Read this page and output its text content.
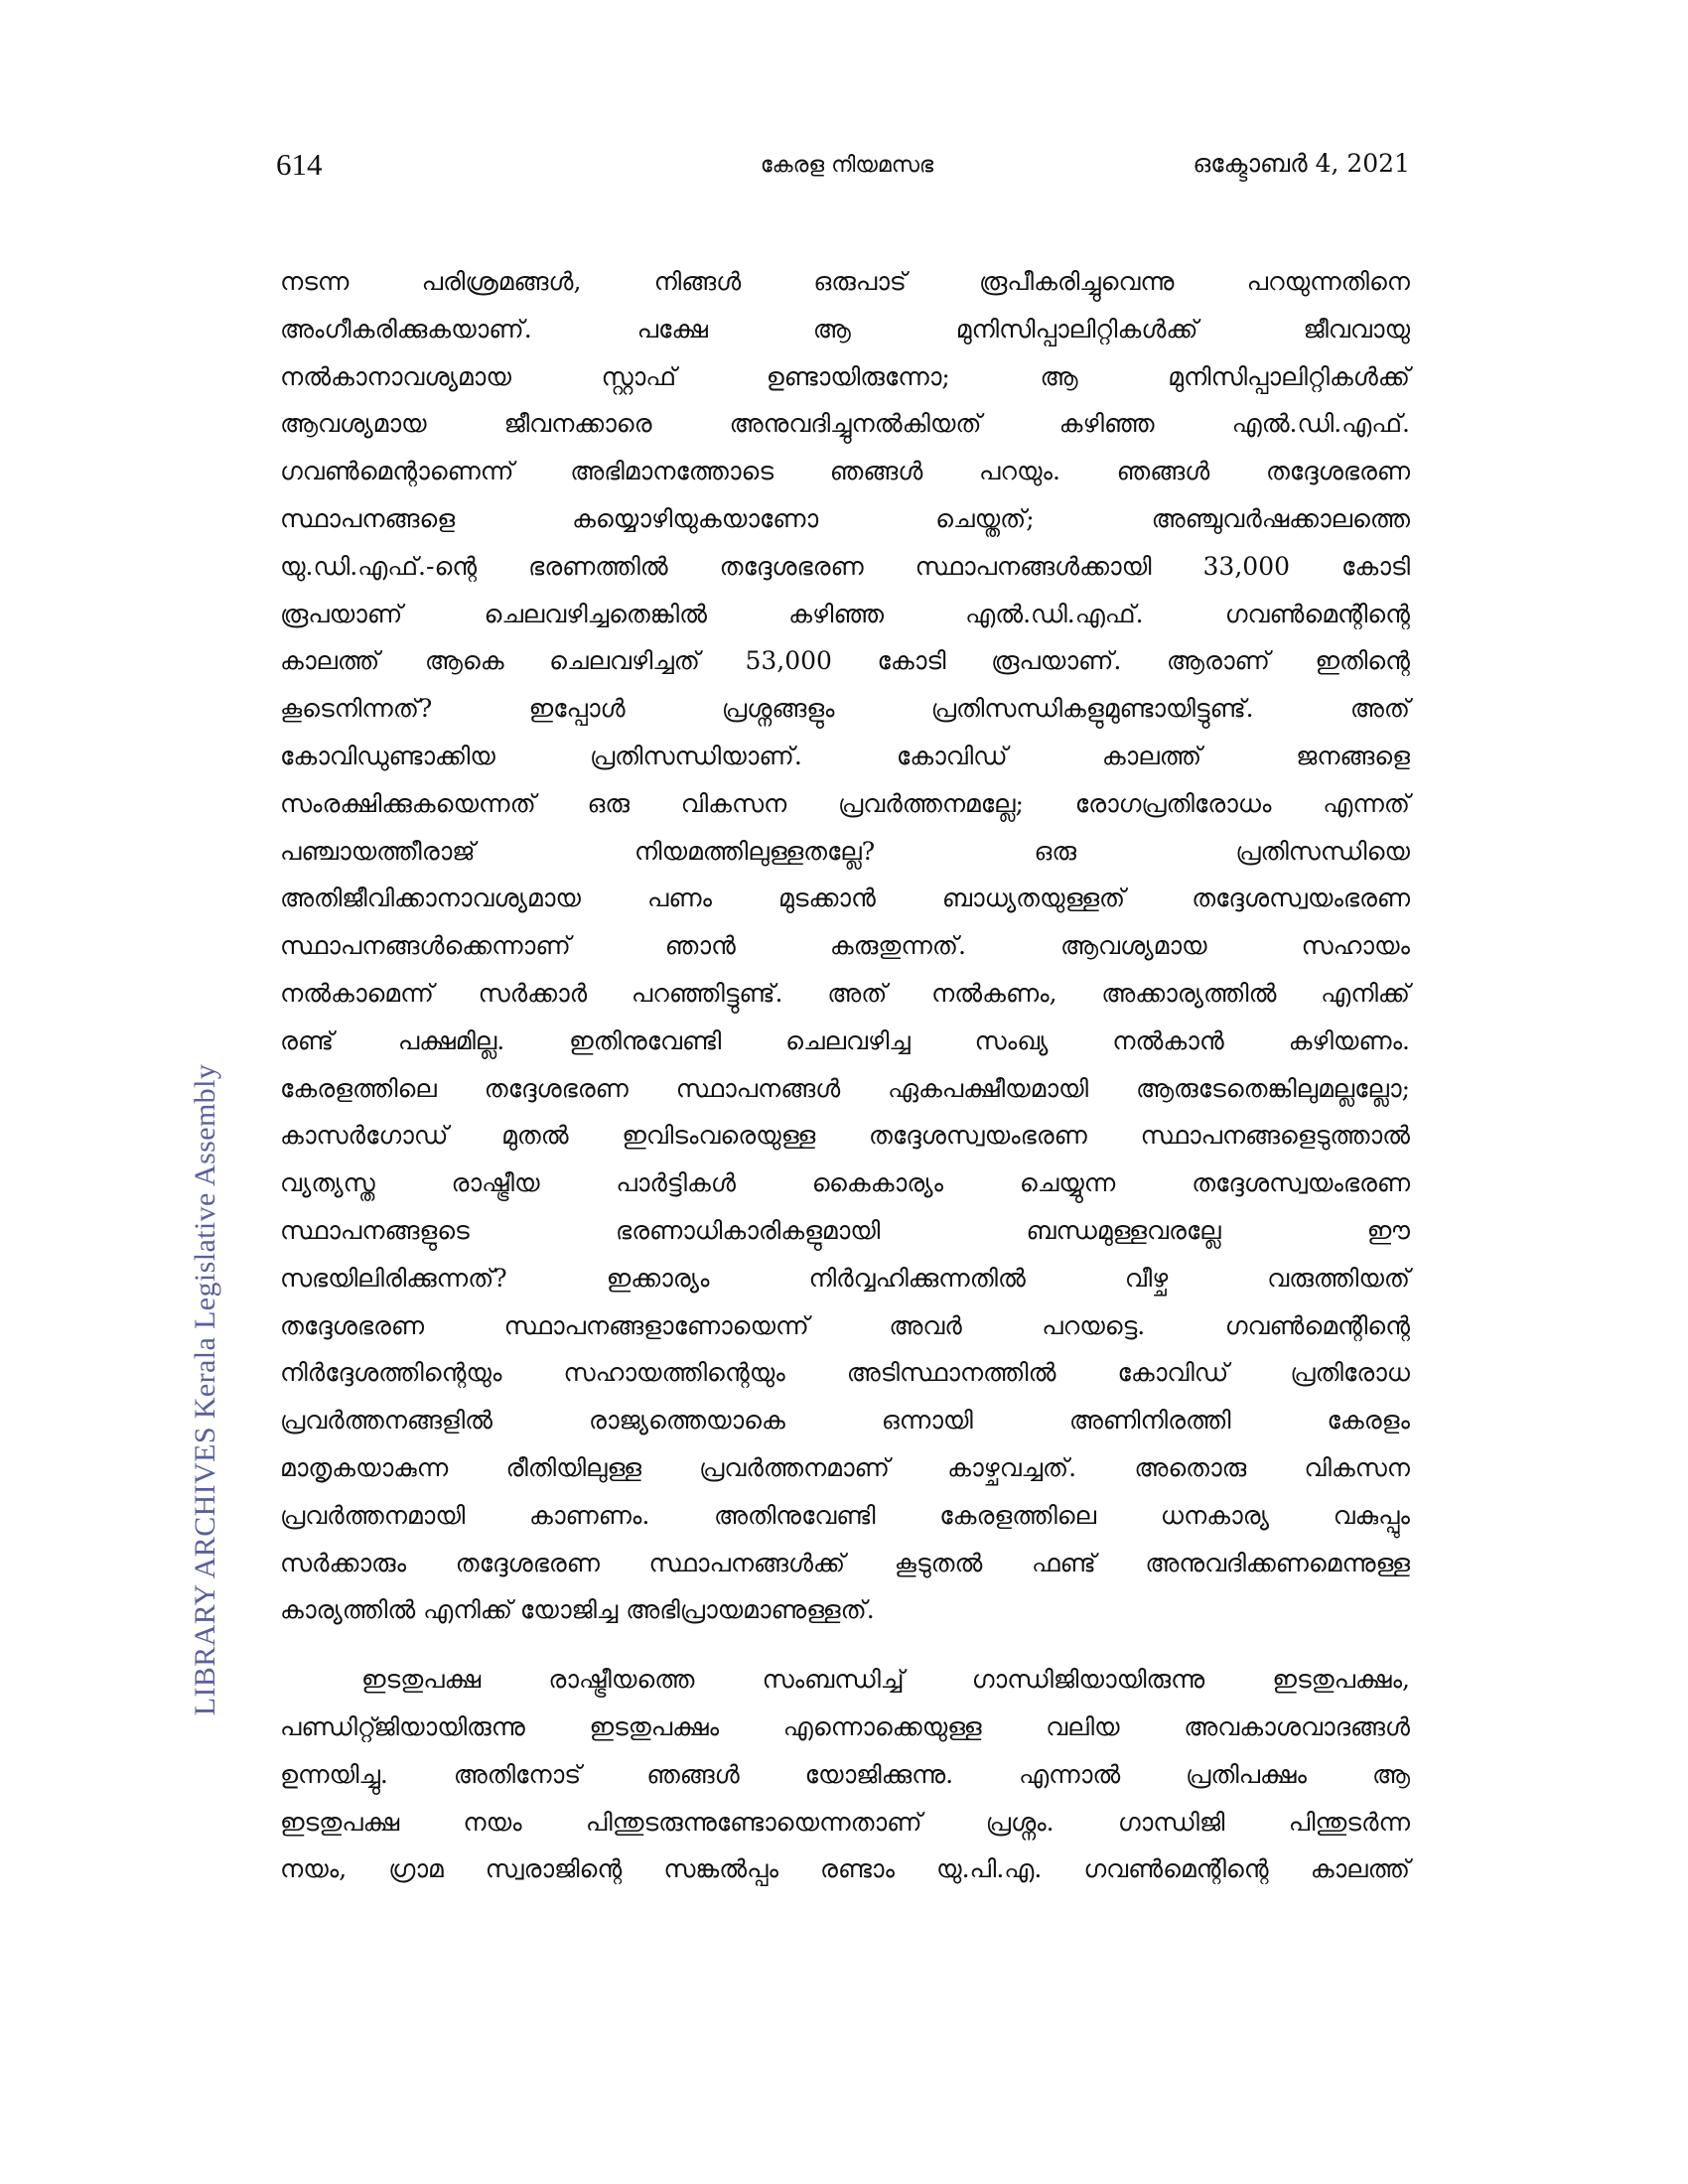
614	കേരള നിയമസഭ	ഒക്ടോബർ 4, 2021
LIBRARY ARCHIVES Kerala Legislative Assembly

നടന്ന പരിശ്രമങ്ങൾ, നിങ്ങൾ ഒരുപാട് രൂപീകരിച്ചുവെന്നു പറയുന്നതിനെ
അംഗീകരിക്കുകയാണ്. പക്ഷേ ആ മുനിസിപ്പാലിറ്റികൾക്ക് ജീവവായു
നൽകാനാവശ്യമായ സ്റ്റാഫ് ഉണ്ടായിരുന്നോ; ആ മുനിസിപ്പാലിറ്റികൾക്ക്
ആവശ്യമായ ജീവനക്കാരെ അനുവദിച്ചുനൽകിയത് കഴിഞ്ഞ എൽ.ഡി.എഫ്.
ഗവൺമെന്റാണെന്ന് അഭിമാനത്തോടെ ഞങ്ങൾ പറയും. ഞങ്ങൾ തദ്ദേശഭരണ
സ്ഥാപനങ്ങളെ കയ്യൊഴിയുകയാണോ ചെയ്തത്; അഞ്ചുവർഷക്കാലത്തെ
യു.ഡി.എഫ്.-ന്റെ ഭരണത്തിൽ തദ്ദേശഭരണ സ്ഥാപനങ്ങൾക്കായി 33,000 കോടി
രൂപയാണ് ചെലവഴിച്ചതെങ്കിൽ കഴിഞ്ഞ എൽ.ഡി.എഫ്. ഗവൺമെന്റിന്റെ
കാലത്ത് ആകെ ചെലവഴിച്ചത് 53,000 കോടി രൂപയാണ്. ആരാണ് ഇതിന്റെ
കൂടെനിന്നത്? ഇപ്പോൾ പ്രശ്നങ്ങളും പ്രതിസന്ധികളുമുണ്ടായിട്ടുണ്ട്. അത്
കോവിഡുണ്ടാക്കിയ പ്രതിസന്ധിയാണ്. കോവിഡ് കാലത്ത് ജനങ്ങളെ
സംരക്ഷിക്കുകയെന്നത് ഒരു വികസന പ്രവർത്തനമല്ലേ; രോഗപ്രതിരോധം എന്നത്
പഞ്ചായത്തീരാജ് നിയമത്തിലുള്ളതല്ലേ? ഒരു പ്രതിസന്ധിയെ
അതിജീവിക്കാനാവശ്യമായ പണം മുടക്കാൻ ബാധ്യതയുള്ളത് തദ്ദേശസ്വയംഭരണ
സ്ഥാപനങ്ങൾക്കെന്നാണ് ഞാൻ കരുതുന്നത്. ആവശ്യമായ സഹായം
നൽകാമെന്ന് സർക്കാർ പറഞ്ഞിട്ടുണ്ട്. അത് നൽകണം, അക്കാര്യത്തിൽ എനിക്ക്
രണ്ട് പക്ഷമില്ല. ഇതിനുവേണ്ടി ചെലവഴിച്ച സംഖ്യ നൽകാൻ കഴിയണം.
കേരളത്തിലെ തദ്ദേശഭരണ സ്ഥാപനങ്ങൾ ഏകപക്ഷീയമായി ആരുടേതെങ്കിലുമല്ലല്ലോ;
കാസർഗോഡ് മുതൽ ഇവിടംവരെയുള്ള തദ്ദേശസ്വയംഭരണ സ്ഥാപനങ്ങളെടുത്താൽ
വ്യത്യസ്ത രാഷ്ട്രീയ പാർട്ടികൾ കൈകാര്യം ചെയ്യുന്ന തദ്ദേശസ്വയംഭരണ
സ്ഥാപനങ്ങളുടെ ഭരണാധികാരികളുമായി ബന്ധമുള്ളവരല്ലേ ഈ
സഭയിലിരിക്കുന്നത്? ഇക്കാര്യം നിർവ്വഹിക്കുന്നതിൽ വീഴ്ച വരുത്തിയത്
തദ്ദേശഭരണ സ്ഥാപനങ്ങളാണോയെന്ന് അവർ പറയട്ടെ. ഗവൺമെന്റിന്റെ
നിർദ്ദേശത്തിന്റെയും സഹായത്തിന്റെയും അടിസ്ഥാനത്തിൽ കോവിഡ് പ്രതിരോധ
പ്രവർത്തനങ്ങളിൽ രാജ്യത്തെയാകെ ഒന്നായി അണിനിരത്തി കേരളം
മാതൃകയാകുന്ന രീതിയിലുള്ള പ്രവർത്തനമാണ് കാഴ്ചവച്ചത്. അതൊരു വികസന
പ്രവർത്തനമായി കാണണം. അതിനുവേണ്ടി കേരളത്തിലെ ധനകാര്യ വകുപ്പും
സർക്കാരും തദ്ദേശഭരണ സ്ഥാപനങ്ങൾക്ക് കൂടുതൽ ഫണ്ട് അനുവദിക്കണമെന്നുള്ള
കാര്യത്തിൽ എനിക്ക് യോജിച്ച അഭിപ്രായമാണുള്ളത്.

ഇടതുപക്ഷ രാഷ്ട്രീയത്തെ സംബന്ധിച്ച് ഗാന്ധിജിയായിരുന്നു ഇടതുപക്ഷം,
പണ്ഡിറ്റ്ജിയായിരുന്നു ഇടതുപക്ഷം എന്നൊക്കെയുള്ള വലിയ അവകാശവാദങ്ങൾ
ഉന്നയിച്ചു. അതിനോട് ഞങ്ങൾ യോജിക്കുന്നു. എന്നാൽ പ്രതിപക്ഷം ആ
ഇടതുപക്ഷ നയം പിന്തുടരുന്നുണ്ടോയെന്നതാണ് പ്രശ്നം. ഗാന്ധിജി പിന്തുടർന്ന
നയം, ഗ്രാമ സ്വരാജിന്റെ സങ്കൽപ്പം രണ്ടാം യു.പി.എ. ഗവൺമെന്റിന്റെ കാലത്ത്
